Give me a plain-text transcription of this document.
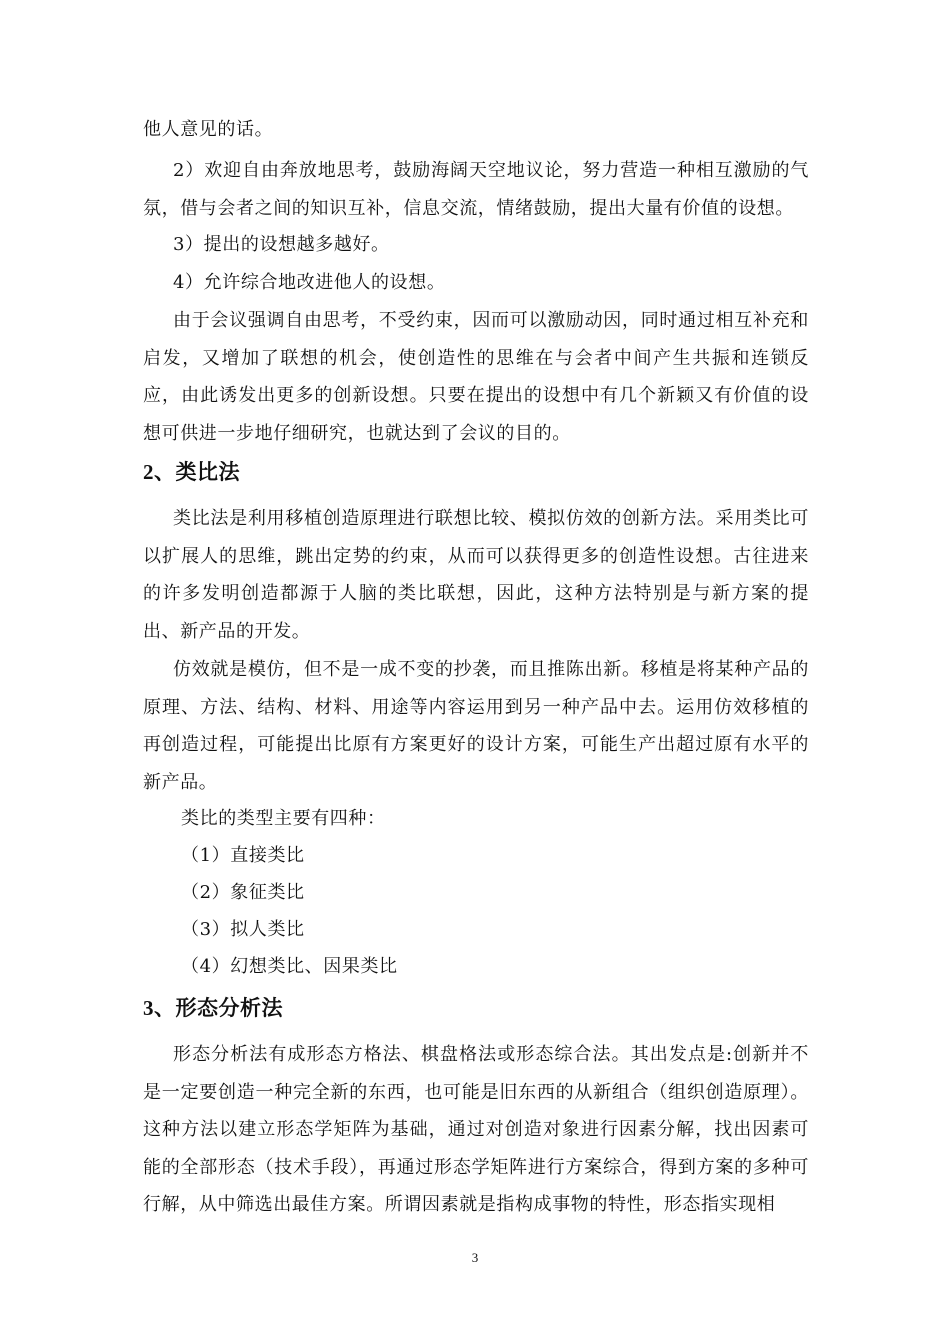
他人意见的话。

2）欢迎自由奔放地思考，鼓励海阔天空地议论，努力营造一种相互激励的气氛，借与会者之间的知识互补，信息交流，情绪鼓励，提出大量有价值的设想。

3）提出的设想越多越好。

4）允许综合地改进他人的设想。

由于会议强调自由思考，不受约束，因而可以激励动因，同时通过相互补充和启发，又增加了联想的机会，使创造性的思维在与会者中间产生共振和连锁反应，由此诱发出更多的创新设想。只要在提出的设想中有几个新颖又有价值的设想可供进一步地仔细研究，也就达到了会议的目的。

2、类比法

类比法是利用移植创造原理进行联想比较、模拟仿效的创新方法。采用类比可以扩展人的思维，跳出定势的约束，从而可以获得更多的创造性设想。古往进来的许多发明创造都源于人脑的类比联想，因此，这种方法特别是与新方案的提出、新产品的开发。

仿效就是模仿，但不是一成不变的抄袭，而且推陈出新。移植是将某种产品的原理、方法、结构、材料、用途等内容运用到另一种产品中去。运用仿效移植的再创造过程，可能提出比原有方案更好的设计方案，可能生产出超过原有水平的新产品。

类比的类型主要有四种：

（1）直接类比

（2）象征类比

（3）拟人类比

（4）幻想类比、因果类比

3、形态分析法

形态分析法有成形态方格法、棋盘格法或形态综合法。其出发点是:创新并不是一定要创造一种完全新的东西，也可能是旧东西的从新组合（组织创造原理）。这种方法以建立形态学矩阵为基础，通过对创造对象进行因素分解，找出因素可能的全部形态（技术手段），再通过形态学矩阵进行方案综合，得到方案的多种可行解，从中筛选出最佳方案。所谓因素就是指构成事物的特性，形态指实现相

3
